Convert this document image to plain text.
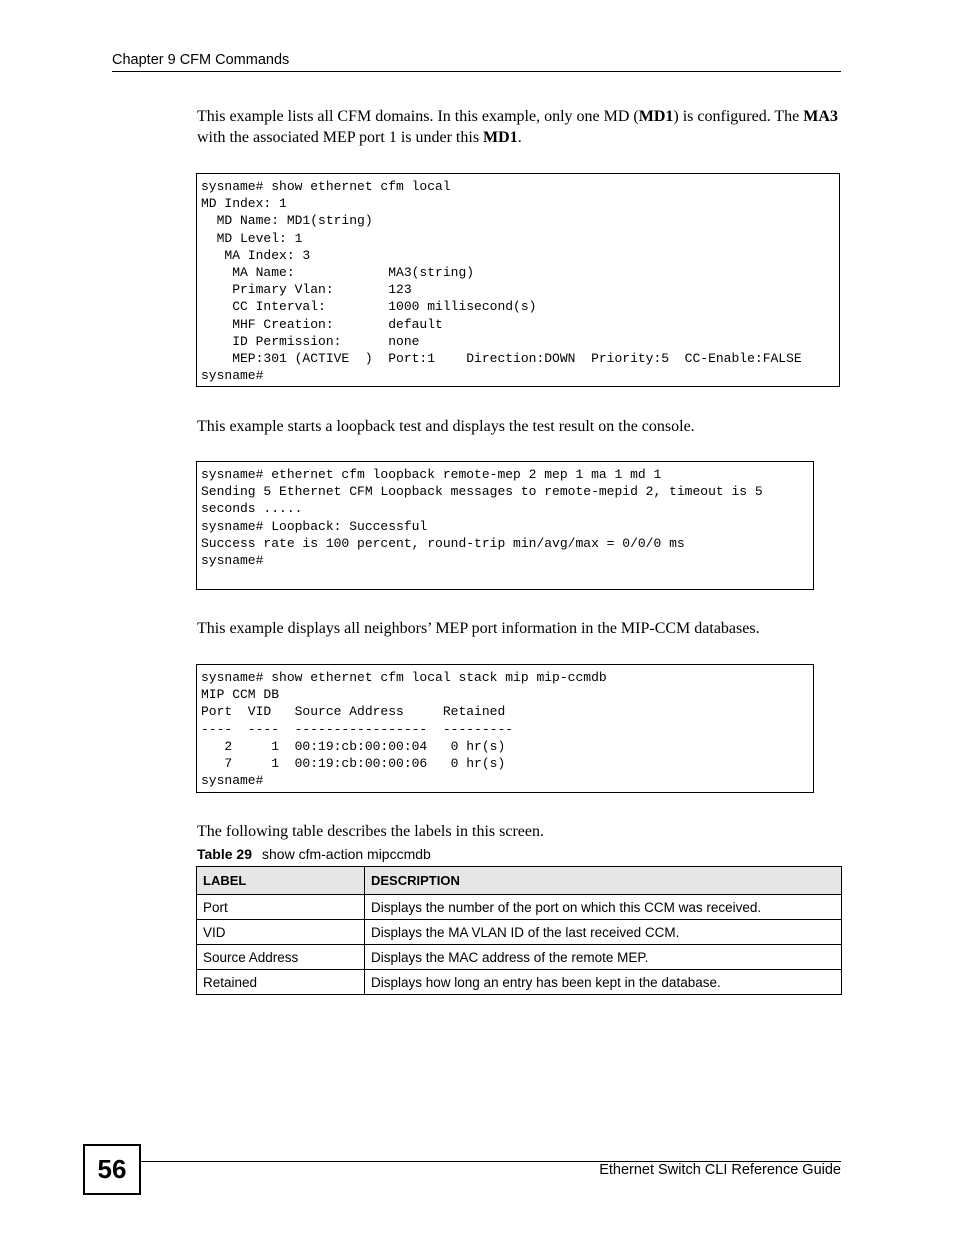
Chapter 9 CFM Commands

This example lists all CFM domains. In this example, only one MD (MD1) is configured. The MA3 with the associated MEP port 1 is under this MD1.

sysname# show ethernet cfm local
MD Index: 1
MD Name: MD1(string)
MD Level: 1
MA Index: 3
MA Name:            MA3(string)
Primary Vlan:       123
CC Interval:        1000 millisecond(s)
MHF Creation:       default
ID Permission:      none
MEP:301 (ACTIVE  )  Port:1    Direction:DOWN  Priority:5  CC-Enable:FALSE
sysname#

This example starts a loopback test and displays the test result on the console.

sysname# ethernet cfm loopback remote-mep 2 mep 1 ma 1 md 1
Sending 5 Ethernet CFM Loopback messages to remote-mepid 2, timeout is 5
seconds .....
sysname# Loopback: Successful
Success rate is 100 percent, round-trip min/avg/max = 0/0/0 ms
sysname#

This example displays all neighbors’ MEP port information in the MIP-CCM databases.

sysname# show ethernet cfm local stack mip mip-ccmdb
MIP CCM DB
Port  VID   Source Address     Retained
----  ----  -----------------  ---------
2     1  00:19:cb:00:00:04   0 hr(s)
7     1  00:19:cb:00:00:06   0 hr(s)
sysname#

The following table describes the labels in this screen.

Table 29 show cfm-action mipccmdb
LABEL	DESCRIPTION
Port	Displays the number of the port on which this CCM was received.
VID	Displays the MA VLAN ID of the last received CCM.
Source Address	Displays the MAC address of the remote MEP.
Retained	Displays how long an entry has been kept in the database.
56	Ethernet Switch CLI Reference Guide
